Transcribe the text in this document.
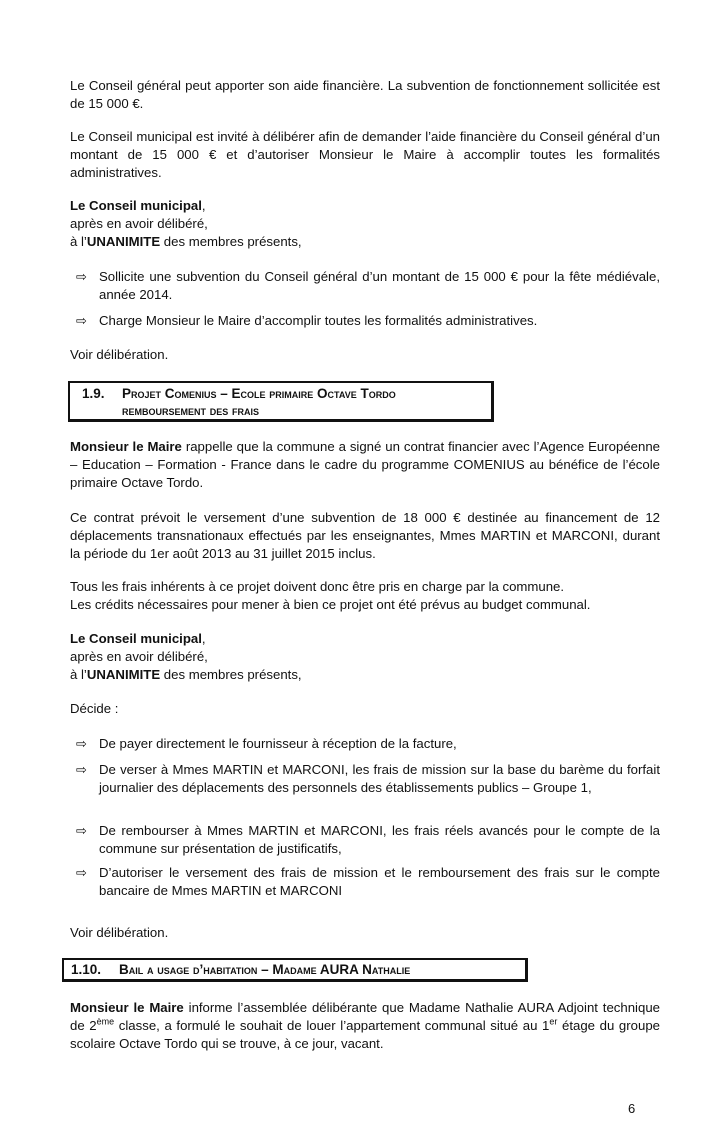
Le Conseil général peut apporter son aide financière. La subvention de fonctionnement sollicitée est de 15 000 €.
Le Conseil municipal est invité à délibérer afin de demander l’aide financière du Conseil général d’un montant de 15 000 € et d’autoriser Monsieur le Maire à accomplir toutes les formalités administratives.
Le Conseil municipal,
après en avoir délibéré,
à l’UNANIMITE des membres présents,
⇨ Sollicite une subvention du Conseil général d’un montant de 15 000 € pour la fête médiévale, année 2014.
⇨ Charge Monsieur le Maire d’accomplir toutes les formalités administratives.
Voir délibération.
Monsieur le Maire rappelle que la commune a signé un contrat financier avec l’Agence Européenne – Education – Formation - France dans le cadre du programme COMENIUS au bénéfice de l’école primaire Octave Tordo.
Ce contrat prévoit le versement d’une subvention de 18 000 € destinée au financement de 12 déplacements transnationaux effectués par les enseignantes, Mmes MARTIN et MARCONI, durant la période du 1er août 2013 au 31 juillet 2015 inclus.
Tous les frais inhérents à ce projet doivent donc être pris en charge par la commune.
Les crédits nécessaires pour mener à bien ce projet ont été prévus au budget communal.
Le Conseil municipal,
après en avoir délibéré,
à l’UNANIMITE des membres présents,
Décide :
⇨ De payer directement le fournisseur à réception de la facture,
⇨ De verser à Mmes MARTIN et MARCONI, les frais de mission sur la base du barème du forfait journalier des déplacements des personnels des établissements publics – Groupe 1,
⇨ De rembourser à Mmes MARTIN et MARCONI, les frais réels avancés pour le compte de la commune sur présentation de justificatifs,
⇨ D’autoriser le versement des frais de mission et le remboursement des frais sur le compte bancaire de Mmes MARTIN et MARCONI
Voir délibération.
Monsieur le Maire informe l’assemblée délibérante que Madame Nathalie AURA Adjoint technique de 2ème classe, a formulé le souhait de louer l’appartement communal situé au 1er étage du groupe scolaire Octave Tordo qui se trouve, à ce jour, vacant.
1.9. Projet Comenius – Ecole primaire Octave Tordo
remboursement des frais
1.10. Bail a usage d’habitation – Madame AURA Nathalie
6
